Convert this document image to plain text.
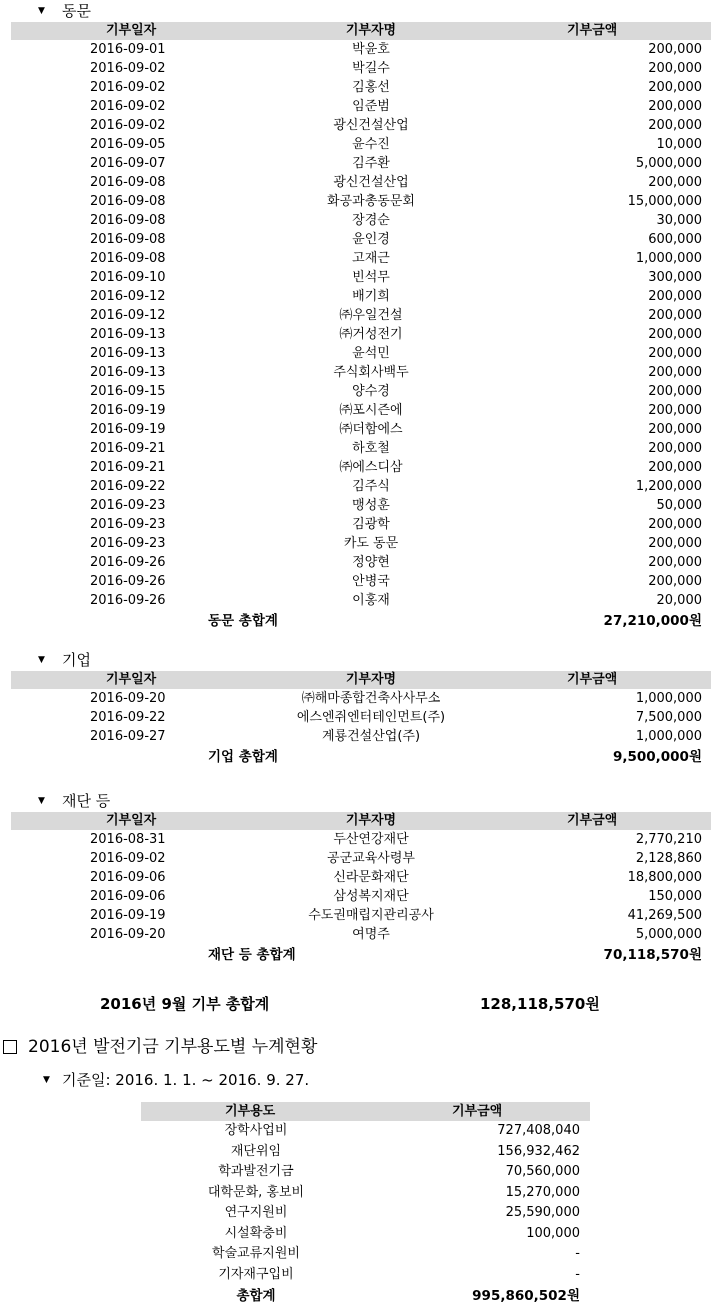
▼	동문
기부일자	기부자명	기부금액
2016-09-01	박윤호	200,000
2016-09-02	박길수	200,000
2016-09-02	김홍선	200,000
2016-09-02	임준범	200,000
2016-09-02	광신건설산업	200,000
2016-09-05	윤수진	10,000
2016-09-07	김주환	5,000,000
2016-09-08	광신건설산업	200,000
2016-09-08	화공과총동문회	15,000,000
2016-09-08	장경순	30,000
2016-09-08	윤인경	600,000
2016-09-08	고재근	1,000,000
2016-09-10	빈석무	300,000
2016-09-12	배기희	200,000
2016-09-12	㈜우일건설	200,000
2016-09-13	㈜거성전기	200,000
2016-09-13	윤석민	200,000
2016-09-13	주식회사백두	200,000
2016-09-15	양수경	200,000
2016-09-19	㈜포시즌에	200,000
2016-09-19	㈜더함에스	200,000
2016-09-21	하호철	200,000
2016-09-21	㈜에스디삼	200,000
2016-09-22	김주식	1,200,000
2016-09-23	맹성훈	50,000
2016-09-23	김광학	200,000
2016-09-23	카도 동문	200,000
2016-09-26	정양현	200,000
2016-09-26	안병국	200,000
2016-09-26	이홍재	20,000
동문 총합계	27,210,000원
▼	기업
기부일자	기부자명	기부금액
2016-09-20	㈜해마종합건축사사무소	1,000,000
2016-09-22	에스엔쥐엔터테인먼트(주)	7,500,000
2016-09-27	계룡건설산업(주)	1,000,000
기업 총합계	9,500,000원
▼	재단 등
기부일자	기부자명	기부금액
2016-08-31	두산연강재단	2,770,210
2016-09-02	공군교육사령부	2,128,860
2016-09-06	신라문화재단	18,800,000
2016-09-06	삼성복지재단	150,000
2016-09-19	수도권매립지관리공사	41,269,500
2016-09-20	여명주	5,000,000
재단 등 총합계	70,118,570원
2016년 9월 기부 총합계	128,118,570원
2016년 발전기금 기부용도별 누계현황
▼ 기준일: 2016. 1. 1. ~ 2016. 9. 27.
기부용도	기부금액
장학사업비	727,408,040
재단위임	156,932,462
학과발전기금	70,560,000
대학문화, 홍보비	15,270,000
연구지원비	25,590,000
시설확충비	100,000
학술교류지원비	-
기자재구입비	-
총합계	995,860,502원
